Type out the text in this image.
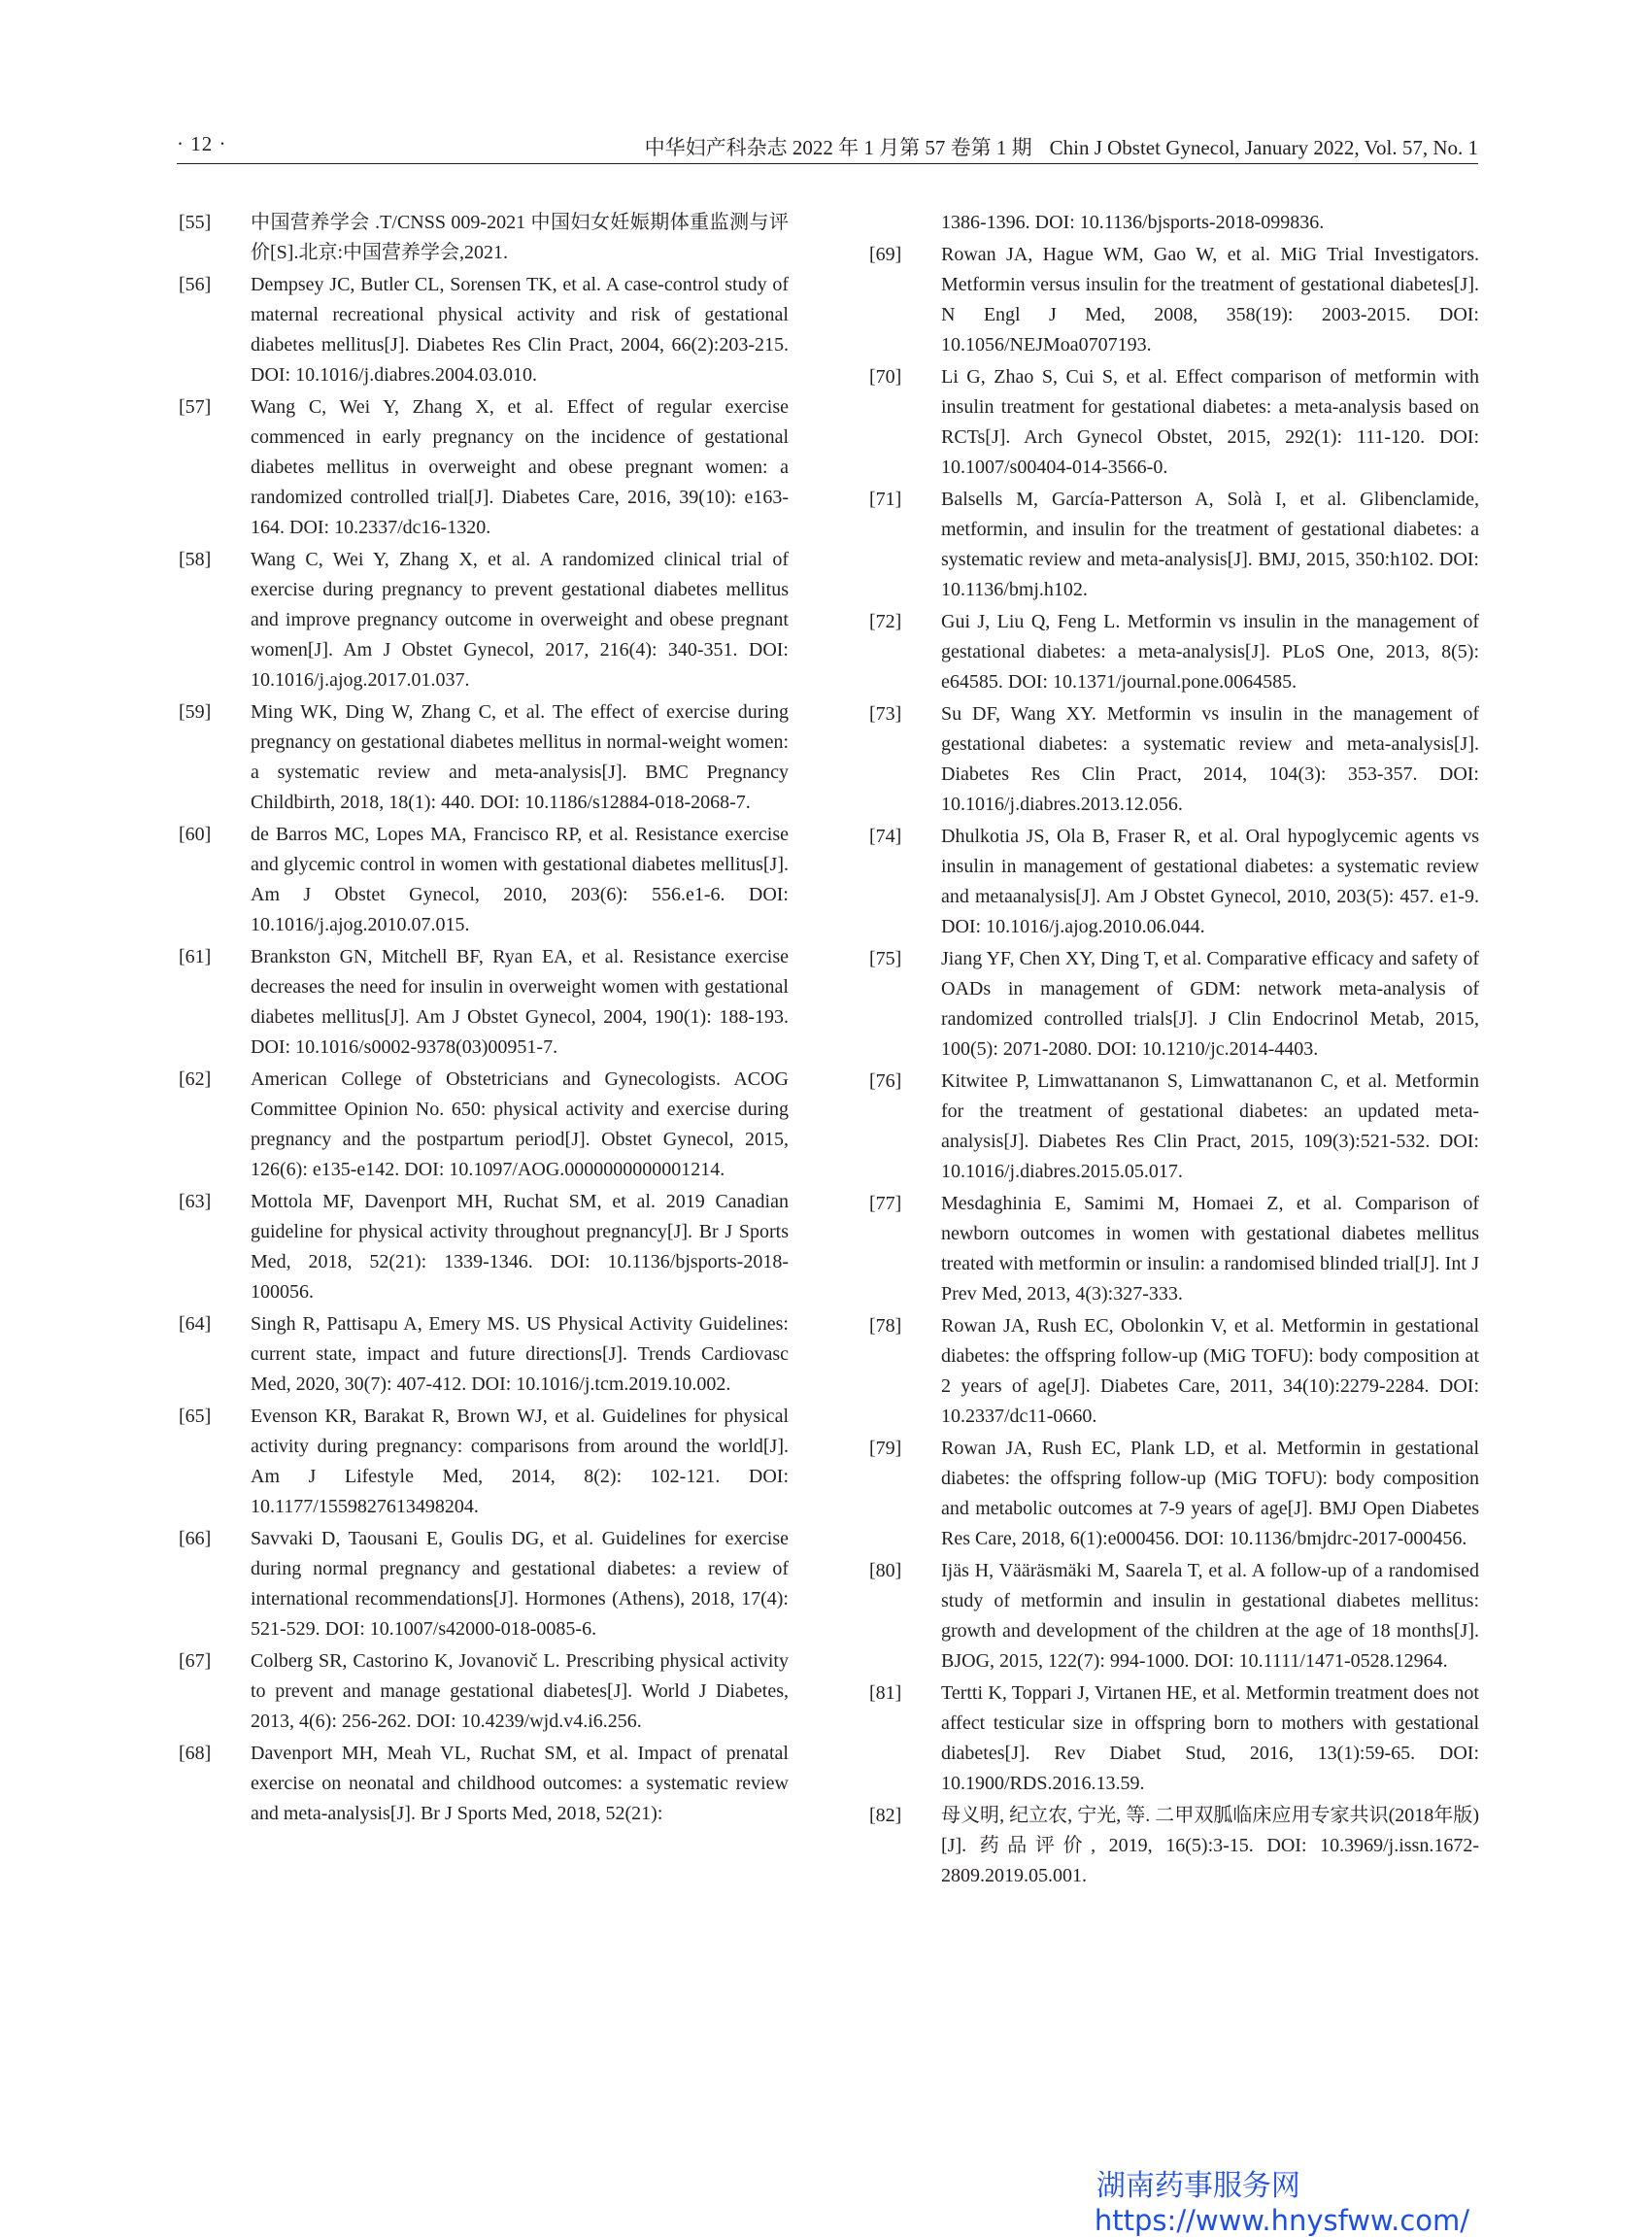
· 12 ·	中华妇产科杂志 2022 年 1 月第 57 卷第 1 期 Chin J Obstet Gynecol, January 2022, Vol. 57, No. 1
[55] 中国营养学会 .T/CNSS 009-2021 中国妇女妊娠期体重监测与评价[S].北京:中国营养学会,2021.
[56] Dempsey JC, Butler CL, Sorensen TK, et al. A case-control study of maternal recreational physical activity and risk of gestational diabetes mellitus[J]. Diabetes Res Clin Pract, 2004, 66(2):203-215. DOI: 10.1016/j.diabres.2004.03.010.
[57] Wang C, Wei Y, Zhang X, et al. Effect of regular exercise commenced in early pregnancy on the incidence of gestational diabetes mellitus in overweight and obese pregnant women: a randomized controlled trial[J]. Diabetes Care, 2016, 39(10): e163-164. DOI: 10.2337/dc16-1320.
[58] Wang C, Wei Y, Zhang X, et al. A randomized clinical trial of exercise during pregnancy to prevent gestational diabetes mellitus and improve pregnancy outcome in overweight and obese pregnant women[J]. Am J Obstet Gynecol, 2017, 216(4): 340-351. DOI: 10.1016/j.ajog.2017.01.037.
[59] Ming WK, Ding W, Zhang C, et al. The effect of exercise during pregnancy on gestational diabetes mellitus in normal-weight women: a systematic review and meta-analysis[J]. BMC Pregnancy Childbirth, 2018, 18(1): 440. DOI: 10.1186/s12884-018-2068-7.
[60] de Barros MC, Lopes MA, Francisco RP, et al. Resistance exercise and glycemic control in women with gestational diabetes mellitus[J]. Am J Obstet Gynecol, 2010, 203(6): 556.e1-6. DOI: 10.1016/j.ajog.2010.07.015.
[61] Brankston GN, Mitchell BF, Ryan EA, et al. Resistance exercise decreases the need for insulin in overweight women with gestational diabetes mellitus[J]. Am J Obstet Gynecol, 2004, 190(1): 188-193. DOI: 10.1016/s0002-9378(03)00951-7.
[62] American College of Obstetricians and Gynecologists. ACOG Committee Opinion No. 650: physical activity and exercise during pregnancy and the postpartum period[J]. Obstet Gynecol, 2015, 126(6): e135-e142. DOI: 10.1097/AOG.0000000000001214.
[63] Mottola MF, Davenport MH, Ruchat SM, et al. 2019 Canadian guideline for physical activity throughout pregnancy[J]. Br J Sports Med, 2018, 52(21): 1339-1346. DOI: 10.1136/bjsports-2018-100056.
[64] Singh R, Pattisapu A, Emery MS. US Physical Activity Guidelines: current state, impact and future directions[J]. Trends Cardiovasc Med, 2020, 30(7): 407-412. DOI: 10.1016/j.tcm.2019.10.002.
[65] Evenson KR, Barakat R, Brown WJ, et al. Guidelines for physical activity during pregnancy: comparisons from around the world[J]. Am J Lifestyle Med, 2014, 8(2): 102-121. DOI: 10.1177/1559827613498204.
[66] Savvaki D, Taousani E, Goulis DG, et al. Guidelines for exercise during normal pregnancy and gestational diabetes: a review of international recommendations[J]. Hormones (Athens), 2018, 17(4): 521-529. DOI: 10.1007/s42000-018-0085-6.
[67] Colberg SR, Castorino K, Jovanovič L. Prescribing physical activity to prevent and manage gestational diabetes[J]. World J Diabetes, 2013, 4(6): 256-262. DOI: 10.4239/wjd.v4.i6.256.
[68] Davenport MH, Meah VL, Ruchat SM, et al. Impact of prenatal exercise on neonatal and childhood outcomes: a systematic review and meta-analysis[J]. Br J Sports Med, 2018, 52(21):
1386-1396. DOI: 10.1136/bjsports-2018-099836.
[69] Rowan JA, Hague WM, Gao W, et al. MiG Trial Investigators. Metformin versus insulin for the treatment of gestational diabetes[J]. N Engl J Med, 2008, 358(19): 2003-2015. DOI: 10.1056/NEJMoa0707193.
[70] Li G, Zhao S, Cui S, et al. Effect comparison of metformin with insulin treatment for gestational diabetes: a meta-analysis based on RCTs[J]. Arch Gynecol Obstet, 2015, 292(1): 111-120. DOI: 10.1007/s00404-014-3566-0.
[71] Balsells M, García-Patterson A, Solà I, et al. Glibenclamide, metformin, and insulin for the treatment of gestational diabetes: a systematic review and meta-analysis[J]. BMJ, 2015, 350:h102. DOI: 10.1136/bmj.h102.
[72] Gui J, Liu Q, Feng L. Metformin vs insulin in the management of gestational diabetes: a meta-analysis[J]. PLoS One, 2013, 8(5): e64585. DOI: 10.1371/journal.pone.0064585.
[73] Su DF, Wang XY. Metformin vs insulin in the management of gestational diabetes: a systematic review and meta-analysis[J]. Diabetes Res Clin Pract, 2014, 104(3): 353-357. DOI: 10.1016/j.diabres.2013.12.056.
[74] Dhulkotia JS, Ola B, Fraser R, et al. Oral hypoglycemic agents vs insulin in management of gestational diabetes: a systematic review and metaanalysis[J]. Am J Obstet Gynecol, 2010, 203(5): 457. e1-9. DOI: 10.1016/j.ajog.2010.06.044.
[75] Jiang YF, Chen XY, Ding T, et al. Comparative efficacy and safety of OADs in management of GDM: network meta-analysis of randomized controlled trials[J]. J Clin Endocrinol Metab, 2015, 100(5): 2071-2080. DOI: 10.1210/jc.2014-4403.
[76] Kitwitee P, Limwattananon S, Limwattananon C, et al. Metformin for the treatment of gestational diabetes: an updated meta-analysis[J]. Diabetes Res Clin Pract, 2015, 109(3):521-532. DOI: 10.1016/j.diabres.2015.05.017.
[77] Mesdaghinia E, Samimi M, Homaei Z, et al. Comparison of newborn outcomes in women with gestational diabetes mellitus treated with metformin or insulin: a randomised blinded trial[J]. Int J Prev Med, 2013, 4(3):327-333.
[78] Rowan JA, Rush EC, Obolonkin V, et al. Metformin in gestational diabetes: the offspring follow-up (MiG TOFU): body composition at 2 years of age[J]. Diabetes Care, 2011, 34(10):2279-2284. DOI: 10.2337/dc11-0660.
[79] Rowan JA, Rush EC, Plank LD, et al. Metformin in gestational diabetes: the offspring follow-up (MiG TOFU): body composition and metabolic outcomes at 7-9 years of age[J]. BMJ Open Diabetes Res Care, 2018, 6(1):e000456. DOI: 10.1136/bmjdrc-2017-000456.
[80] Ijäs H, Vääräsmäki M, Saarela T, et al. A follow-up of a randomised study of metformin and insulin in gestational diabetes mellitus: growth and development of the children at the age of 18 months[J]. BJOG, 2015, 122(7): 994-1000. DOI: 10.1111/1471-0528.12964.
[81] Tertti K, Toppari J, Virtanen HE, et al. Metformin treatment does not affect testicular size in offspring born to mothers with gestational diabetes[J]. Rev Diabet Stud, 2016, 13(1):59-65. DOI: 10.1900/RDS.2016.13.59.
[82] 母义明, 纪立农, 宁光, 等. 二甲双胍临床应用专家共识(2018年版)[J]. 药品评价, 2019, 16(5):3-15. DOI: 10.3969/j.issn.1672-2809.2019.05.001.
湖南药事服务网
https://www.hnysfww.com/
